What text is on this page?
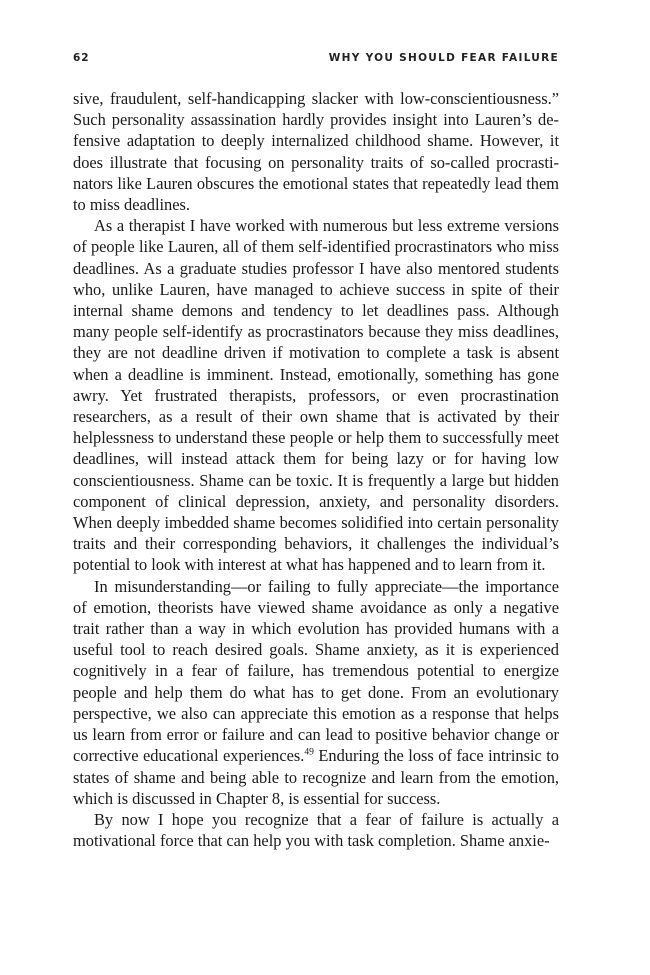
62	WHY YOU SHOULD FEAR FAILURE

sive, fraudulent, self-handicapping slacker with low-conscientiousness.” Such personality assassination hardly provides insight into Lauren’s defensive adaptation to deeply internalized childhood shame. However, it does illustrate that focusing on personality traits of so-called procrastinators like Lauren obscures the emotional states that repeatedly lead them to miss deadlines.

As a therapist I have worked with numerous but less extreme versions of people like Lauren, all of them self-identified procrastinators who miss deadlines. As a graduate studies professor I have also mentored students who, unlike Lauren, have managed to achieve success in spite of their internal shame demons and tendency to let deadlines pass. Although many people self-identify as procrastinators because they miss deadlines, they are not deadline driven if motivation to complete a task is absent when a deadline is imminent. Instead, emotionally, something has gone awry. Yet frustrated therapists, professors, or even procrastination researchers, as a result of their own shame that is activated by their helplessness to understand these people or help them to successfully meet deadlines, will instead attack them for being lazy or for having low conscientiousness. Shame can be toxic. It is frequently a large but hidden component of clinical depression, anxiety, and personality disorders. When deeply imbedded shame becomes solidified into certain personality traits and their corresponding behaviors, it challenges the individual’s potential to look with interest at what has happened and to learn from it.

In misunderstanding—or failing to fully appreciate—the importance of emotion, theorists have viewed shame avoidance as only a negative trait rather than a way in which evolution has provided humans with a useful tool to reach desired goals. Shame anxiety, as it is experienced cognitively in a fear of failure, has tremendous potential to energize people and help them do what has to get done. From an evolutionary perspective, we also can appreciate this emotion as a response that helps us learn from error or failure and can lead to positive behavior change or corrective educational experiences.$^{49}$ Enduring the loss of face intrinsic to states of shame and being able to recognize and learn from the emotion, which is discussed in Chapter 8, is essential for success.

By now I hope you recognize that a fear of failure is actually a motivational force that can help you with task completion. Shame anxie-
